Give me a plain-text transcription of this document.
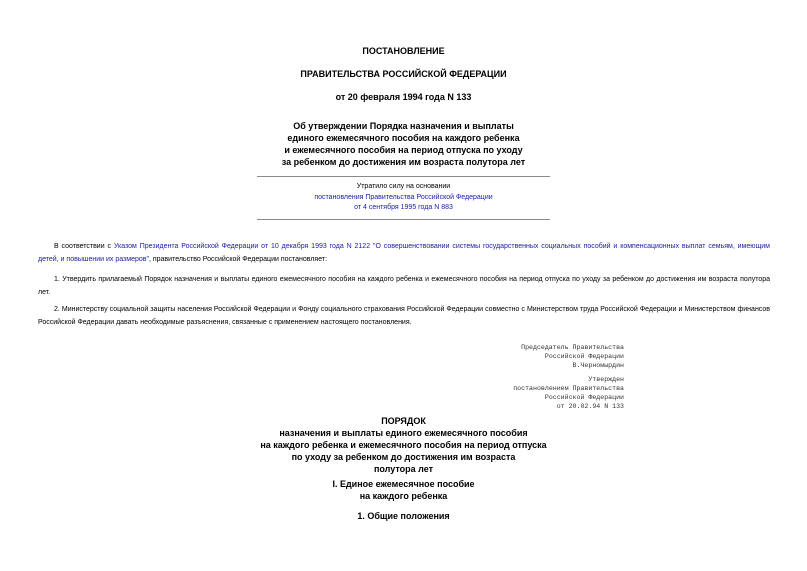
ПОСТАНОВЛЕНИЕ
ПРАВИТЕЛЬСТВА РОССИЙСКОЙ ФЕДЕРАЦИИ
от 20 февраля 1994 года N 133
Об утверждении Порядка назначения и выплаты
единого ежемесячного пособия на каждого ребенка
и ежемесячного пособия на период отпуска по уходу
за ребенком до достижения им возраста полутора лет
Утратило силу на основании
постановления Правительства Российской Федерации
от 4 сентября 1995 года N 883
В соответствии с Указом Президента Российской Федерации от 10 декабря 1993 года N 2122 "О совершенствовании системы государственных социальных пособий и компенсационных выплат семьям, имеющим детей, и повышении их размеров", правительство Российской Федерации постановляет:
1. Утвердить прилагаемый Порядок назначения и выплаты единого ежемесячного пособия на каждого ребенка и ежемесячного пособия на период отпуска по уходу за ребенком до достижения им возраста полутора лет.
2. Министерству социальной защиты населения Российской Федерации и Фонду социального страхования Российской Федерации совместно с Министерством труда Российской Федерации и Министерством финансов Российской Федерации давать необходимые разъяснения, связанные с применением настоящего постановления.
Председатель Правительства
Российской Федерации
В.Черномырдин
Утвержден
постановлением Правительства
Российской Федерации
от 20.02.94 N 133
ПОРЯДОК
назначения и выплаты единого ежемесячного пособия
на каждого ребенка и ежемесячного пособия на период отпуска
по уходу за ребенком до достижения им возраста
полутора лет
I. Единое ежемесячное пособие
на каждого ребенка
1. Общие положения
